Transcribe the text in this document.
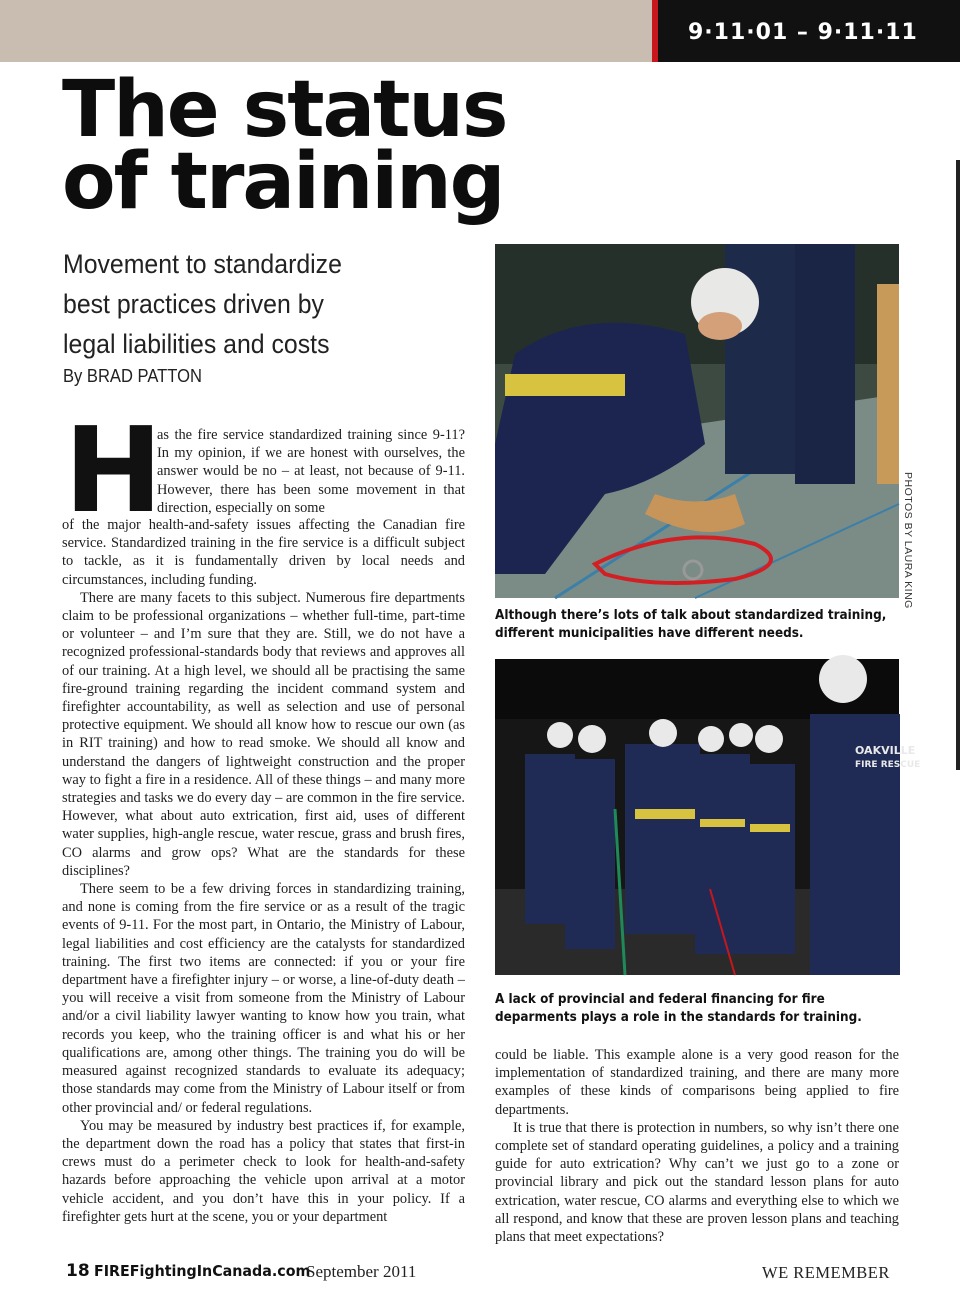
9·11·01 – 9·11·11
The status
of training
Movement to standardize
best practices driven by
legal liabilities and costs
By BRAD PATTON
H

as the fire service standardized training since 9-11? In my opinion, if we are honest with ourselves, the answer would be no – at least, not because of 9-11. However, there has been some movement in that direction, especially on some

of the major health-and-safety issues affecting the Canadian fire service. Standardized training in the fire service is a difficult subject to tackle, as it is fundamentally driven by local needs and circumstances, including funding.

There are many facets to this subject. Numerous fire departments claim to be professional organizations – whether full-time, part-time or volunteer – and I’m sure that they are. Still, we do not have a recognized professional-standards body that reviews and approves all of our training. At a high level, we should all be practising the same fire-ground training regarding the incident command system and firefighter accountability, as well as selection and use of personal protective equipment. We should all know how to rescue our own (as in RIT training) and how to read smoke. We should all know and understand the dangers of lightweight construction and the proper way to fight a fire in a residence. All of these things – and many more strategies and tasks we do every day – are common in the fire service. However, what about auto extrication, first aid, uses of different water supplies, high-angle rescue, water rescue, grass and brush fires, CO alarms and grow ops? What are the standards for these disciplines?

There seem to be a few driving forces in standardizing training, and none is coming from the fire service or as a result of the tragic events of 9-11. For the most part, in Ontario, the Ministry of Labour, legal liabilities and cost efficiency are the catalysts for standardized training. The first two items are connected: if you or your fire department have a firefighter injury – or worse, a line-of-duty death – you will receive a visit from someone from the Ministry of Labour and/or a civil liability lawyer wanting to know how you train, what records you keep, who the training officer is and what his or her qualifications are, among other things. The training you do will be measured against recognized standards to evaluate its adequacy; those standards may come from the Ministry of Labour itself or from other provincial and/ or federal regulations.

You may be measured by industry best practices if, for example, the department down the road has a policy that states that first-in crews must do a perimeter check to look for health-and-safety hazards before approaching the vehicle upon arrival at a motor vehicle accident, and you don’t have this in your policy. If a firefighter gets hurt at the scene, you or your department

Although there’s lots of talk about standardized training, different municipalities have different needs.
PHOTOS BY LAURA KING
OAKVILLE
FIRE RESCUE
A lack of provincial and federal financing for fire deparments plays a role in the standards for training.

could be liable. This example alone is a very good reason for the implementation of standardized training, and there are many more examples of these kinds of comparisons being applied to fire departments.

It is true that there is protection in numbers, so why isn’t there one complete set of standard operating guidelines, a policy and a training guide for auto extrication? Why can’t we just go to a zone or provincial library and pick out the standard lesson plans for auto extrication, water rescue, CO alarms and everything else to which we all respond, and know that these are proven lesson plans and teaching plans that meet expectations?

18 FIREFightingInCanada.com
September 2011	WE REMEMBER
